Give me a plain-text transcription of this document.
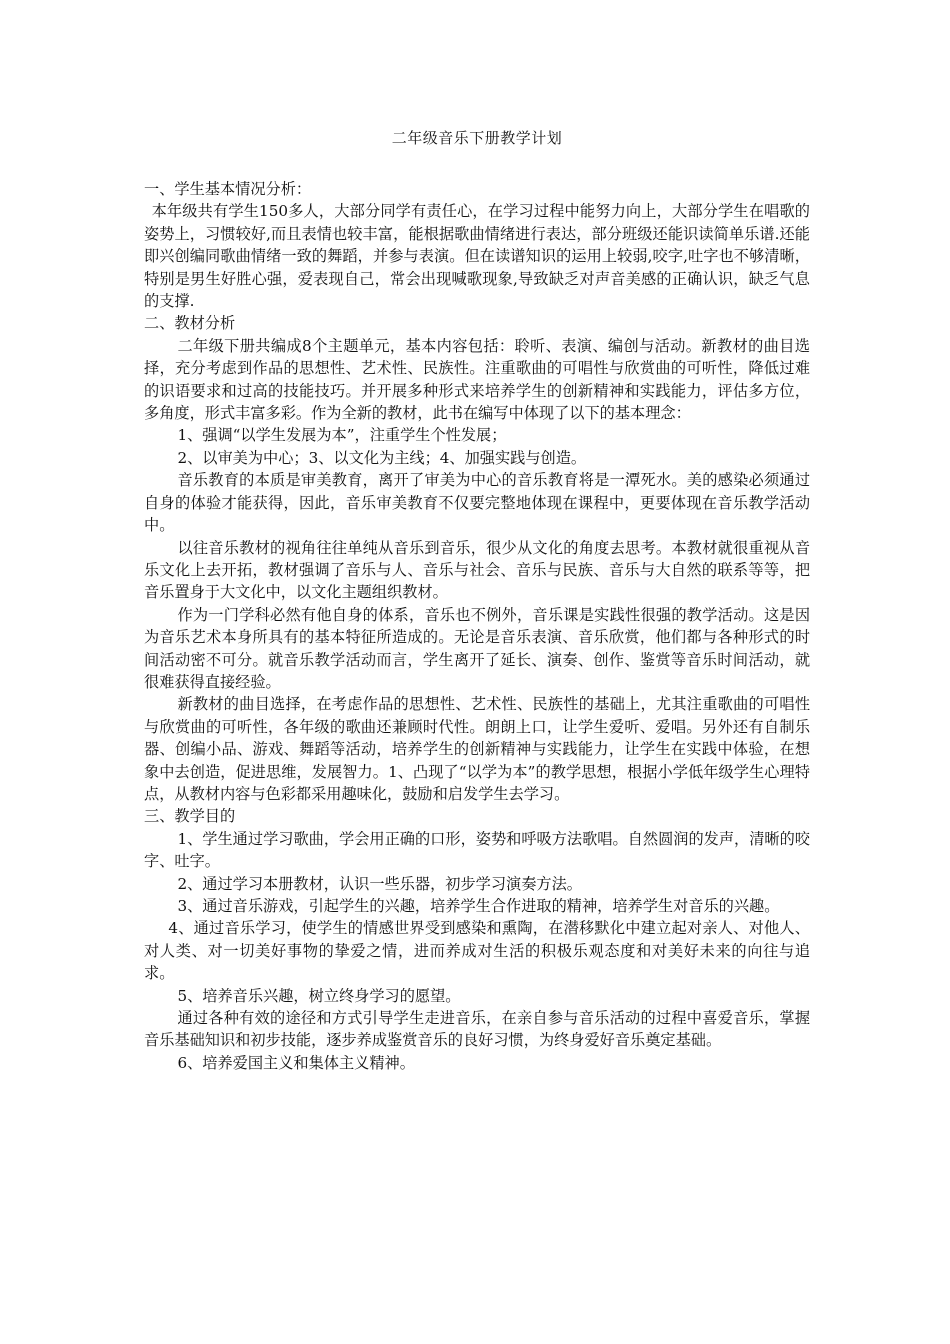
二年级音乐下册教学计划

一、学生基本情况分析：

本年级共有学生150多人，大部分同学有责任心，在学习过程中能努力向上，大部分学生在唱歌的姿势上，习惯较好,而且表情也较丰富，能根据歌曲情绪进行表达，部分班级还能识读简单乐谱.还能即兴创编同歌曲情绪一致的舞蹈，并参与表演。但在读谱知识的运用上较弱,咬字,吐字也不够清晰，特别是男生好胜心强，爱表现自己，常会出现喊歌现象,导致缺乏对声音美感的正确认识，缺乏气息的支撑.

二、教材分析

二年级下册共编成8个主题单元，基本内容包括：聆听、表演、编创与活动。新教材的曲目选择，充分考虑到作品的思想性、艺术性、民族性。注重歌曲的可唱性与欣赏曲的可听性，降低过难的识语要求和过高的技能技巧。并开展多种形式来培养学生的创新精神和实践能力，评估多方位，多角度，形式丰富多彩。作为全新的教材，此书在编写中体现了以下的基本理念：

1、强调“以学生发展为本”，注重学生个性发展；

2、以审美为中心；3、以文化为主线；4、加强实践与创造。

音乐教育的本质是审美教育，离开了审美为中心的音乐教育将是一潭死水。美的感染必须通过自身的体验才能获得，因此，音乐审美教育不仅要完整地体现在课程中，更要体现在音乐教学活动中。

以往音乐教材的视角往往单纯从音乐到音乐，很少从文化的角度去思考。本教材就很重视从音乐文化上去开拓，教材强调了音乐与人、音乐与社会、音乐与民族、音乐与大自然的联系等等，把音乐置身于大文化中，以文化主题组织教材。

作为一门学科必然有他自身的体系，音乐也不例外，音乐课是实践性很强的教学活动。这是因为音乐艺术本身所具有的基本特征所造成的。无论是音乐表演、音乐欣赏，他们都与各种形式的时间活动密不可分。就音乐教学活动而言，学生离开了延长、演奏、创作、鉴赏等音乐时间活动，就很难获得直接经验。

新教材的曲目选择，在考虑作品的思想性、艺术性、民族性的基础上，尤其注重歌曲的可唱性与欣赏曲的可听性，各年级的歌曲还兼顾时代性。朗朗上口，让学生爱听、爱唱。另外还有自制乐器、创编小品、游戏、舞蹈等活动，培养学生的创新精神与实践能力，让学生在实践中体验，在想象中去创造，促进思维，发展智力。1、凸现了“以学为本”的教学思想，根据小学低年级学生心理特点，从教材内容与色彩都采用趣味化，鼓励和启发学生去学习。

三、教学目的

1、学生通过学习歌曲，学会用正确的口形，姿势和呼吸方法歌唱。自然圆润的发声，清晰的咬字、吐字。

2、通过学习本册教材，认识一些乐器，初步学习演奏方法。

3、通过音乐游戏，引起学生的兴趣，培养学生合作进取的精神，培养学生对音乐的兴趣。

4、通过音乐学习，使学生的情感世界受到感染和熏陶，在潜移默化中建立起对亲人、对他人、对人类、对一切美好事物的挚爱之情，进而养成对生活的积极乐观态度和对美好未来的向往与追求。

5、培养音乐兴趣，树立终身学习的愿望。

通过各种有效的途径和方式引导学生走进音乐，在亲自参与音乐活动的过程中喜爱音乐，掌握音乐基础知识和初步技能，逐步养成鉴赏音乐的良好习惯，为终身爱好音乐奠定基础。

6、培养爱国主义和集体主义精神。
